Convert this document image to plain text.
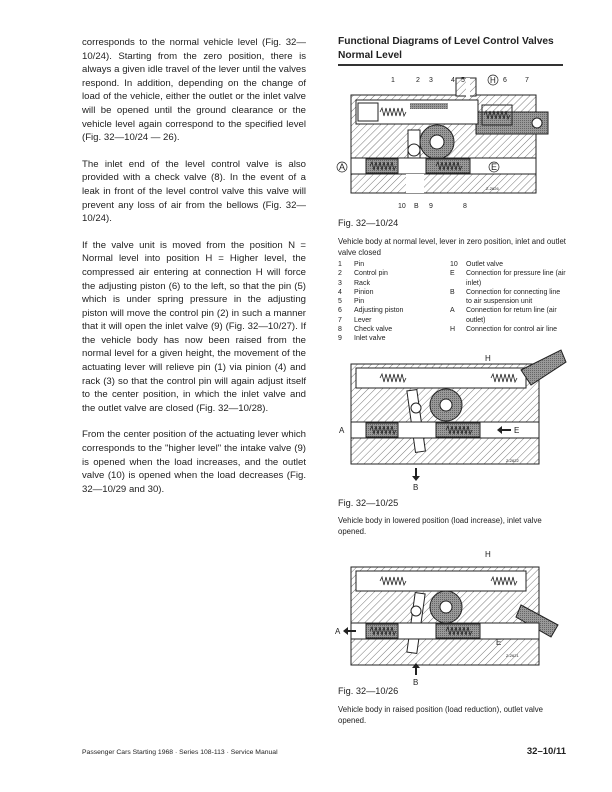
corresponds to the normal vehicle level (Fig. 32—10/24). Starting from the zero position, there is always a given idle travel of the lever until the valves respond. In addition, depending on the change of load of the vehicle, either the outlet or the inlet valve will be opened until the ground clearance or the vehicle level again correspond to the specified level (Fig. 32—10/24 — 26).

The inlet end of the level control valve is also provided with a check valve (8). In the event of a leak in front of the level control valve this valve will prevent any loss of air from the bellows (Fig. 32—10/24).

If the valve unit is moved from the position N = Normal level into position H = Higher level, the compressed air entering at connection H will force the adjusting piston (6) to the left, so that the pin (5) which is under spring pressure in the adjusting piston will move the control pin (2) in such a manner that it will open the inlet valve (9) (Fig. 32—10/27). If the vehicle body has now been raised from the normal level for a given height, the movement of the actuating lever will relieve pin (1) via pinion (4) and rack (3) so that the control pin will again adjust itself to the center position, in which the inlet valve and the outlet valve are closed (Fig. 32—10/28).

From the center position of the actuating lever which corresponds to the "higher level" the intake valve (9) is opened when the load increases, and the outlet valve (10) is opened when the load decreases (Fig. 32—10/29 and 30).

Functional Diagrams of Level Control Valves
Normal Level
A	E
H
1	2 3	4 5	6	7
10 B 9	8
Z-2626
Fig. 32—10/24
Vehicle body at normal level, lever in zero position, inlet and outlet valve closed
1	Pin
2	Control pin
3	Rack
4	Pinion
5	Pin
6	Adjusting piston
7	Lever
8	Check valve
9	Inlet valve
10	Outlet valve
E	Connection for pressure line (air inlet)
B	Connection for connecting line to air suspension unit
A	Connection for return line (air outlet)
H	Connection for control air line
A	E
H
B
Z-2622
Fig. 32—10/25
Vehicle body in lowered position (load increase), inlet valve opened.
A
E
H
B
Z-2621
Fig. 32—10/26
Vehicle body in raised position (load reduction), outlet valve opened.
Passenger Cars Starting 1968 · Series 108-113 · Service Manual	32–10/11
